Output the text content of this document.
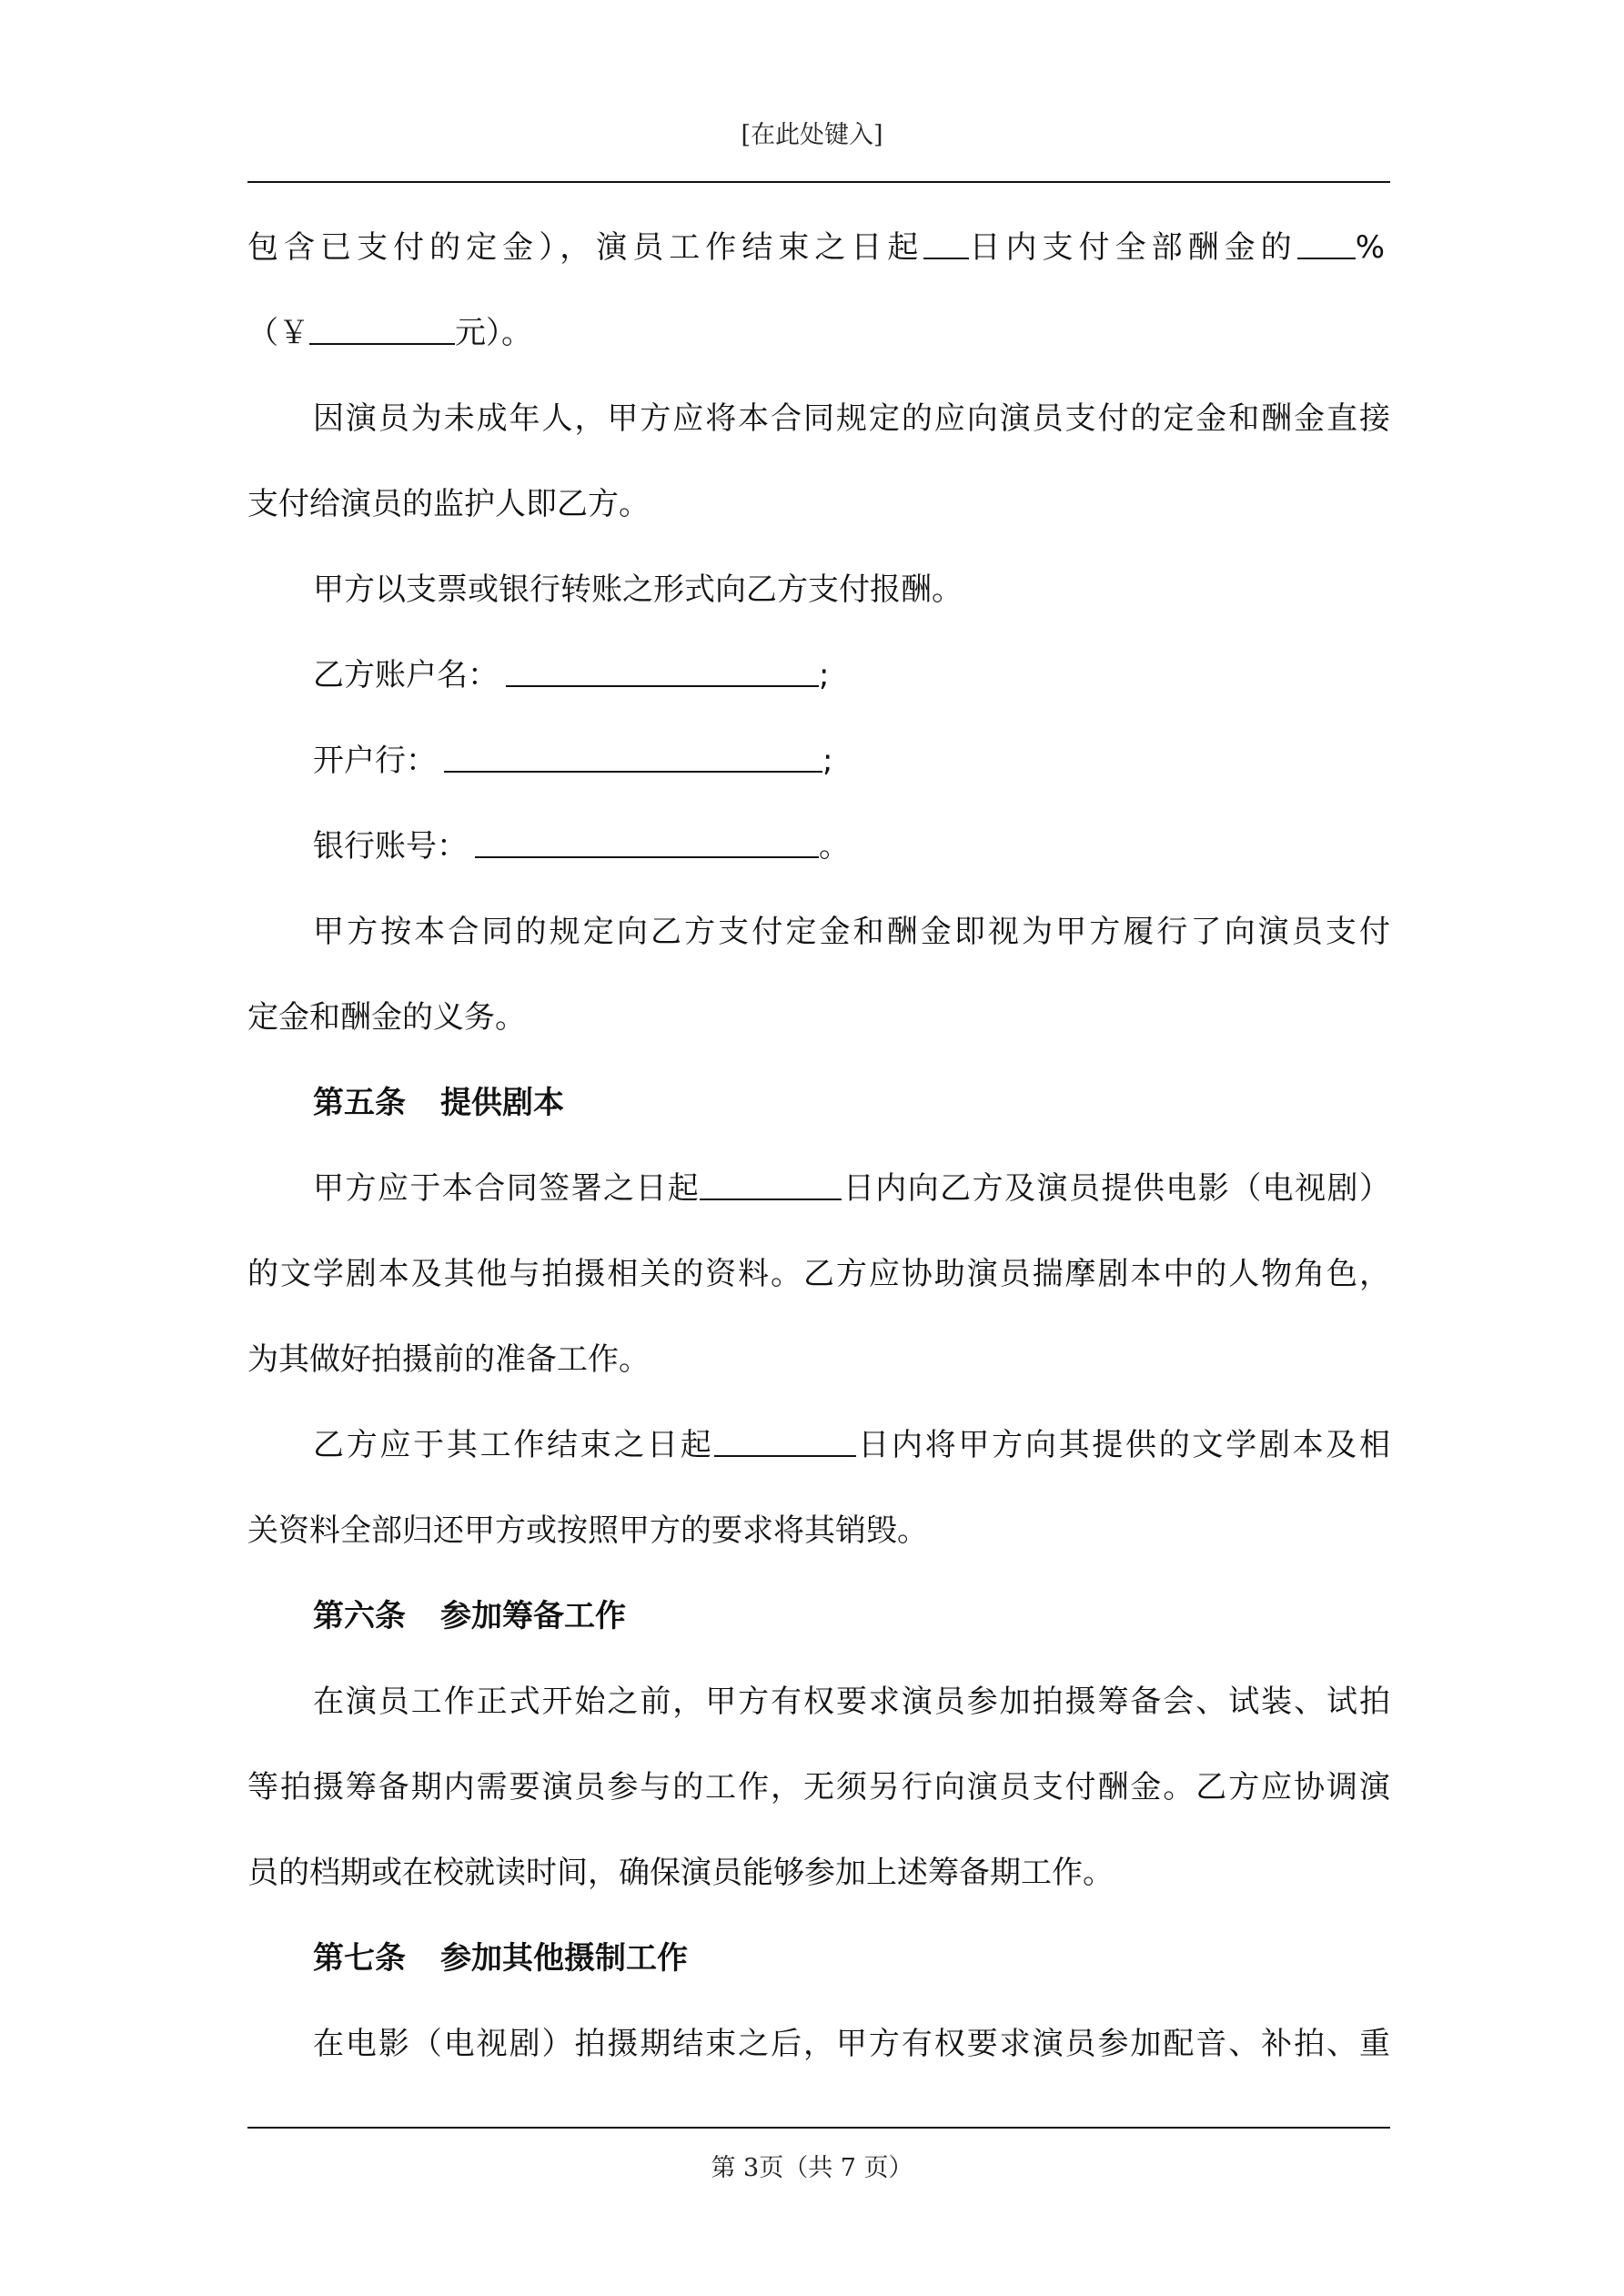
[在此处键入]
包含已支付的定金），演员工作结束之日起 日内支付全部酬金的 %
（￥	元）。
因演员为未成年人，甲方应将本合同规定的应向演员支付的定金和酬金直接
支付给演员的监护人即乙方。
甲方以支票或银行转账之形式向乙方支付报酬。
乙方账户名：	;
开户行：	;
银行账号：	。
甲方按本合同的规定向乙方支付定金和酬金即视为甲方履行了向演员支付
定金和酬金的义务。
第五条 提供剧本
甲方应于本合同签署之日起	日内向乙方及演员提供电影（电视剧）
的文学剧本及其他与拍摄相关的资料。乙方应协助演员揣摩剧本中的人物角色，
为其做好拍摄前的准备工作。
乙方应于其工作结束之日起	日内将甲方向其提供的文学剧本及相
关资料全部归还甲方或按照甲方的要求将其销毁。
第六条 参加筹备工作
在演员工作正式开始之前，甲方有权要求演员参加拍摄筹备会、试装、试拍
等拍摄筹备期内需要演员参与的工作，无须另行向演员支付酬金。乙方应协调演
员的档期或在校就读时间，确保演员能够参加上述筹备期工作。
第七条 参加其他摄制工作
在电影（电视剧）拍摄期结束之后，甲方有权要求演员参加配音、补拍、重
第 3页（共 7 页）
